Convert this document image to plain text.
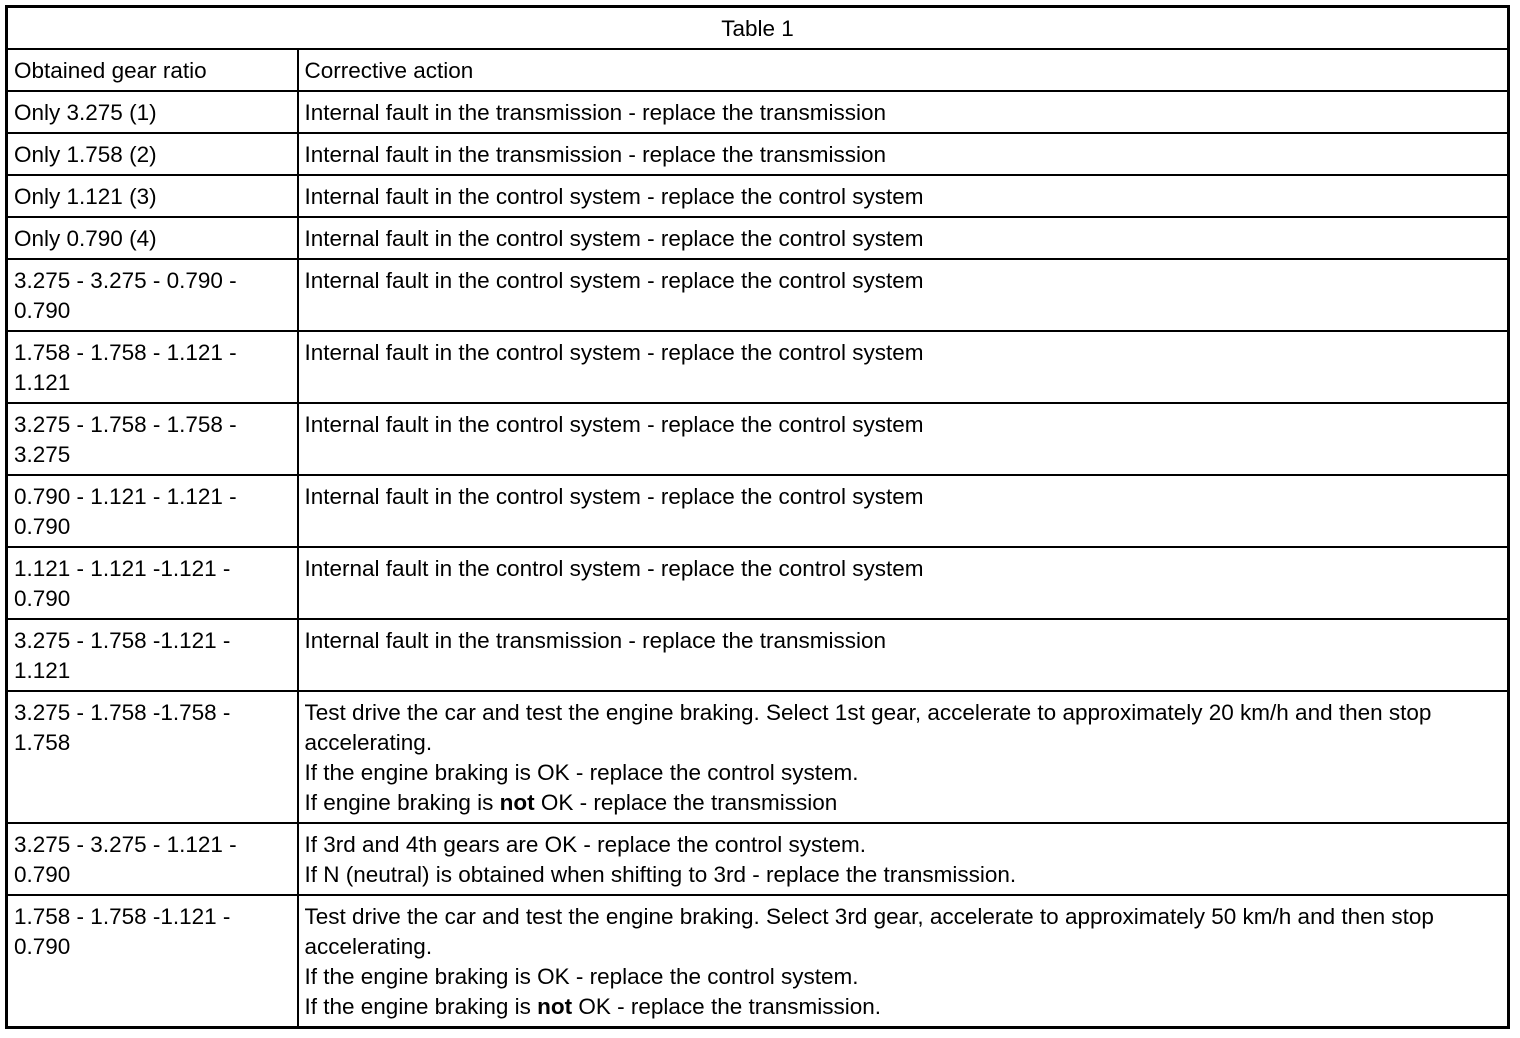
Table 1	
Obtained gear ratio	Corrective action
Only 3.275 (1)	Internal fault in the transmission - replace the transmission

Only 1.758 (2)	Internal fault in the transmission - replace the transmission

Only 1.121 (3)	Internal fault in the control system - replace the control system

Only 0.790 (4)	Internal fault in the control system - replace the control system

3.275 - 3.275 - 0.790 - 0.790	Internal fault in the control system - replace the control system

1.758 - 1.758 - 1.121 - 1.121	Internal fault in the control system - replace the control system

3.275 - 1.758 - 1.758 - 3.275	Internal fault in the control system - replace the control system

0.790 - 1.121 - 1.121 - 0.790	Internal fault in the control system - replace the control system

1.121 - 1.121 -1.121 - 0.790	Internal fault in the control system - replace the control system

3.275 - 1.758 -1.121 - 1.121	Internal fault in the transmission - replace the transmission

3.275 - 1.758 -1.758 - 1.758	Test drive the car and test the engine braking. Select 1st gear, accelerate to approximately 20 km/h and then stop accelerating.
If the engine braking is OK - replace the control system.
If engine braking is not OK - replace the transmission

3.275 - 3.275 - 1.121 - 0.790	If 3rd and 4th gears are OK - replace the control system.
If N (neutral) is obtained when shifting to 3rd - replace the transmission.

1.758 - 1.758 -1.121 - 0.790	Test drive the car and test the engine braking. Select 3rd gear, accelerate to approximately 50 km/h and then stop accelerating.
If the engine braking is OK - replace the control system.
If the engine braking is not OK - replace the transmission.
